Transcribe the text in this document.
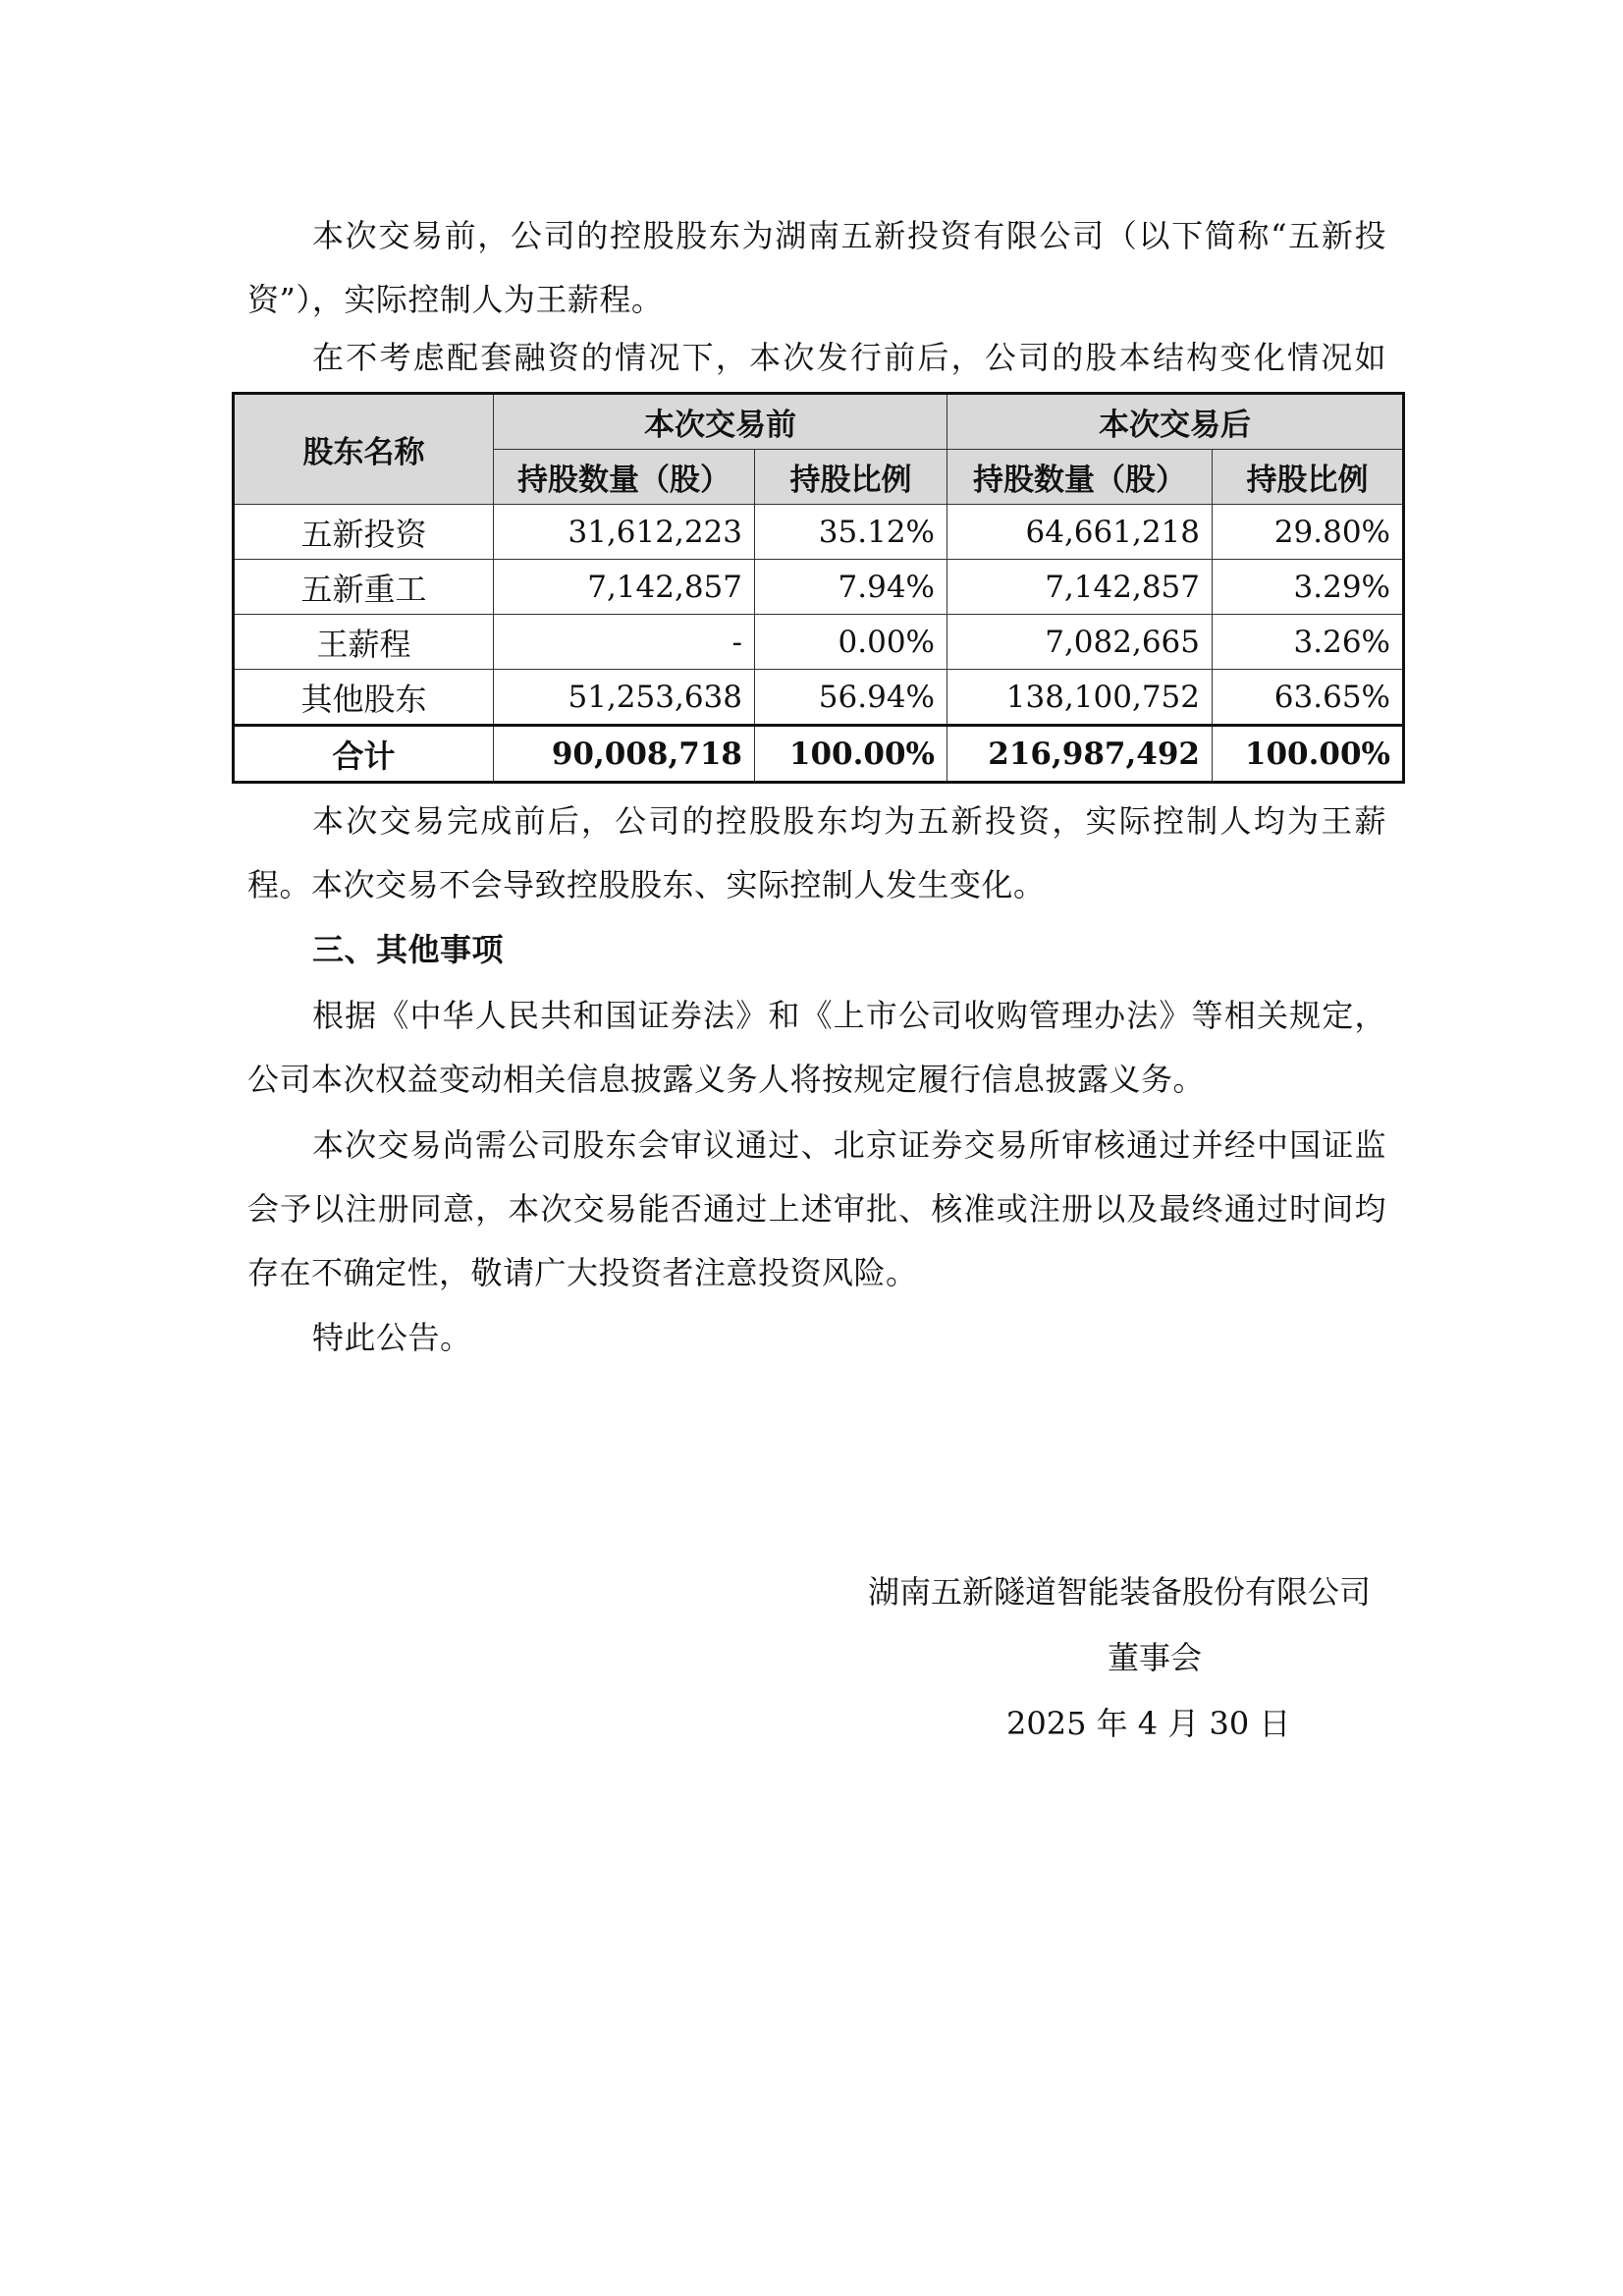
本次交易前，公司的控股股东为湖南五新投资有限公司（以下简称“五新投资”），实际控制人为王薪程。

在不考虑配套融资的情况下，本次发行前后，公司的股本结构变化情况如

股东名称	本次交易前		本次交易后	
	持股数量（股）	持股比例	持股数量（股）	持股比例
五新投资	31,612,223	35.12%	64,661,218	29.80%
五新重工	7,142,857	7.94%	7,142,857	3.29%
王薪程	-	0.00%	7,082,665	3.26%
其他股东	51,253,638	56.94%	138,100,752	63.65%
合计	90,008,718	100.00%	216,987,492	100.00%

本次交易完成前后，公司的控股股东均为五新投资，实际控制人均为王薪程。本次交易不会导致控股股东、实际控制人发生变化。

三、其他事项

根据《中华人民共和国证券法》和《上市公司收购管理办法》等相关规定，公司本次权益变动相关信息披露义务人将按规定履行信息披露义务。

本次交易尚需公司股东会审议通过、北京证券交易所审核通过并经中国证监会予以注册同意，本次交易能否通过上述审批、核准或注册以及最终通过时间均存在不确定性，敬请广大投资者注意投资风险。

特此公告。

湖南五新隧道智能装备股份有限公司
董事会
2025 年 4 月 30 日
